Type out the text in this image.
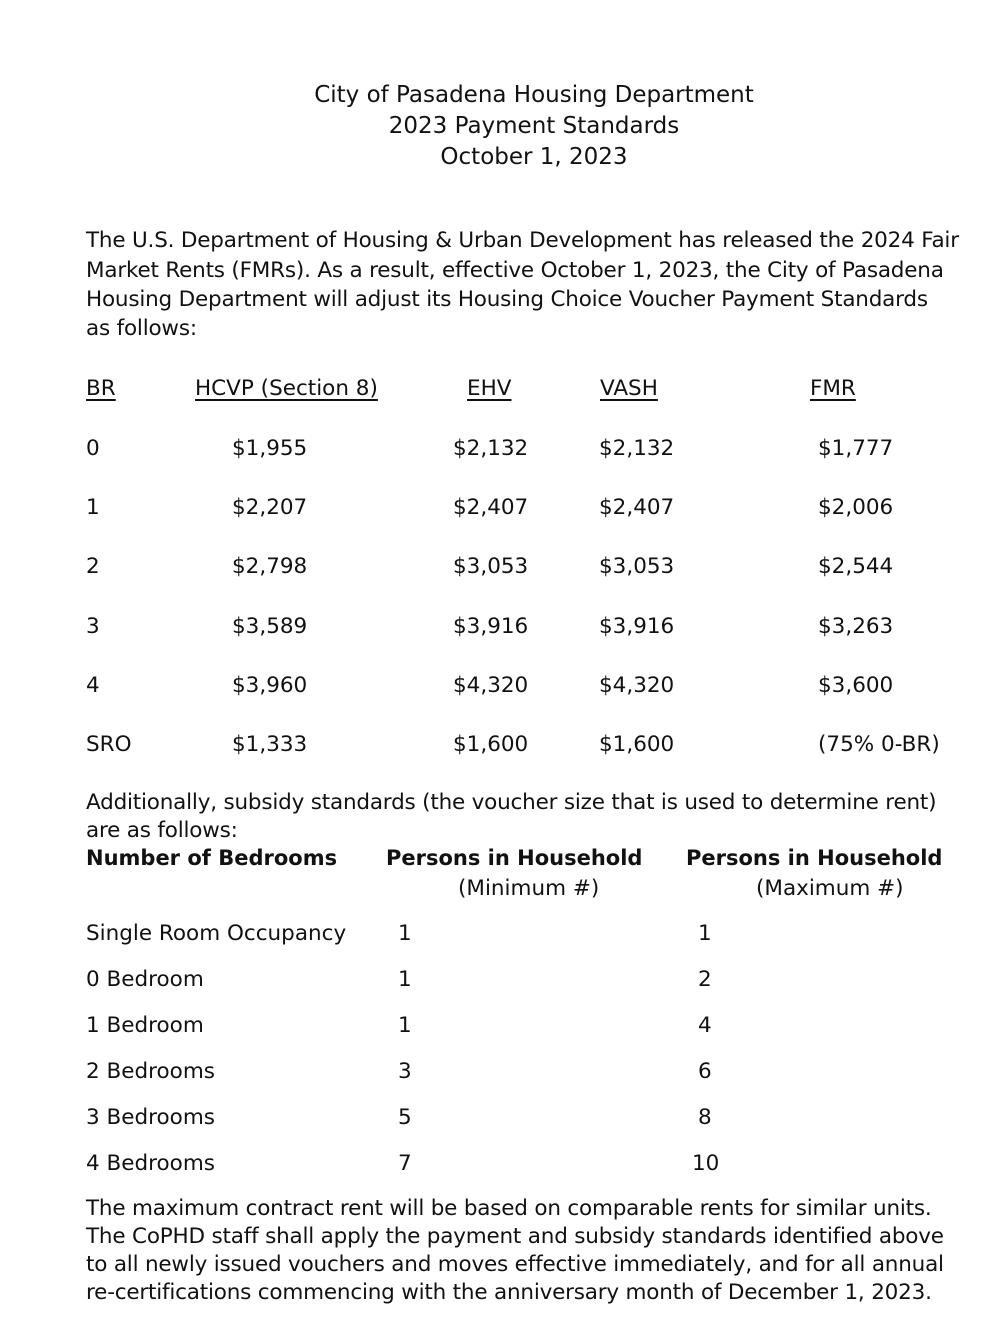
City of Pasadena Housing Department
2023 Payment Standards
October 1, 2023
The U.S. Department of Housing & Urban Development has released the 2024 Fair
Market Rents (FMRs). As a result, effective October 1, 2023, the City of Pasadena
Housing Department will adjust its Housing Choice Voucher Payment Standards
as follows:
BR	HCVP (Section 8)	EHV	VASH	FMR
0	$1,955	$2,132	$2,132	$1,777
1	$2,207	$2,407	$2,407	$2,006
2	$2,798	$3,053	$3,053	$2,544
3	$3,589	$3,916	$3,916	$3,263
4	$3,960	$4,320	$4,320	$3,600
SRO	$1,333	$1,600	$1,600	(75% 0-BR)
Additionally, subsidy standards (the voucher size that is used to determine rent)
are as follows:
Number of Bedrooms Persons in Household Persons in Household
(Minimum #)	(Maximum #)
Single Room Occupancy 1	1
0 Bedroom	1	2
1 Bedroom	1	4
2 Bedrooms	3	6
3 Bedrooms	5	8
4 Bedrooms	7	10
The maximum contract rent will be based on comparable rents for similar units.
The CoPHD staff shall apply the payment and subsidy standards identified above
to all newly issued vouchers and moves effective immediately, and for all annual
re-certifications commencing with the anniversary month of December 1, 2023.
